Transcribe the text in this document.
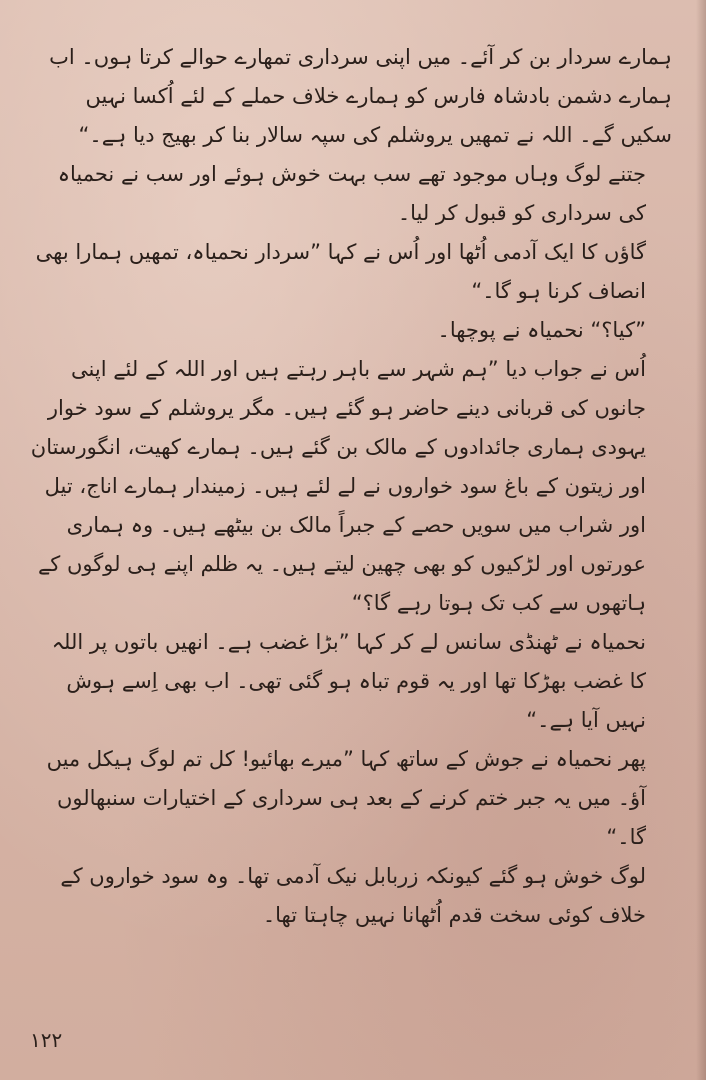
ہمارے سردار بن کر آئے۔ میں اپنی سرداری تمھارے حوالے کرتا ہوں۔ اب ہمارے دشمن بادشاہ فارس کو ہمارے خلاف حملے کے لئے اُکسا نہیں سکیں گے۔ اللہ نے تمھیں یروشلم کی سپہ سالار بنا کر بھیج دیا ہے۔“

جتنے لوگ وہاں موجود تھے سب بہت خوش ہوئے اور سب نے نحمیاہ کی سرداری کو قبول کر لیا۔

گاؤں کا ایک آدمی اُٹھا اور اُس نے کہا ”سردار نحمیاہ، تمھیں ہمارا بھی انصاف کرنا ہو گا۔“

”کیا؟“ نحمیاہ نے پوچھا۔

اُس نے جواب دیا ”ہم شہر سے باہر رہتے ہیں اور اللہ کے لئے اپنی جانوں کی قربانی دینے حاضر ہو گئے ہیں۔ مگر یروشلم کے سود خوار یہودی ہماری جائدادوں کے مالک بن گئے ہیں۔ ہمارے کھیت، انگورستان اور زیتون کے باغ سود خواروں نے لے لئے ہیں۔ زمیندار ہمارے اناج، تیل اور شراب میں سویں حصے کے جبراً مالک بن بیٹھے ہیں۔ وہ ہماری عورتوں اور لڑکیوں کو بھی چھین لیتے ہیں۔ یہ ظلم اپنے ہی لوگوں کے ہاتھوں سے کب تک ہوتا رہے گا؟“

نحمیاہ نے ٹھنڈی سانس لے کر کہا ”بڑا غضب ہے۔ انھیں باتوں پر اللہ کا غضب بھڑکا تھا اور یہ قوم تباہ ہو گئی تھی۔ اب بھی اِسے ہوش نہیں آیا ہے۔“

پھر نحمیاہ نے جوش کے ساتھ کہا ”میرے بھائیو! کل تم لوگ ہیکل میں آؤ۔ میں یہ جبر ختم کرنے کے بعد ہی سرداری کے اختیارات سنبھالوں گا۔“

لوگ خوش ہو گئے کیونکہ زربابل نیک آدمی تھا۔ وہ سود خواروں کے خلاف کوئی سخت قدم اُٹھانا نہیں چاہتا تھا۔

۱۲۲
